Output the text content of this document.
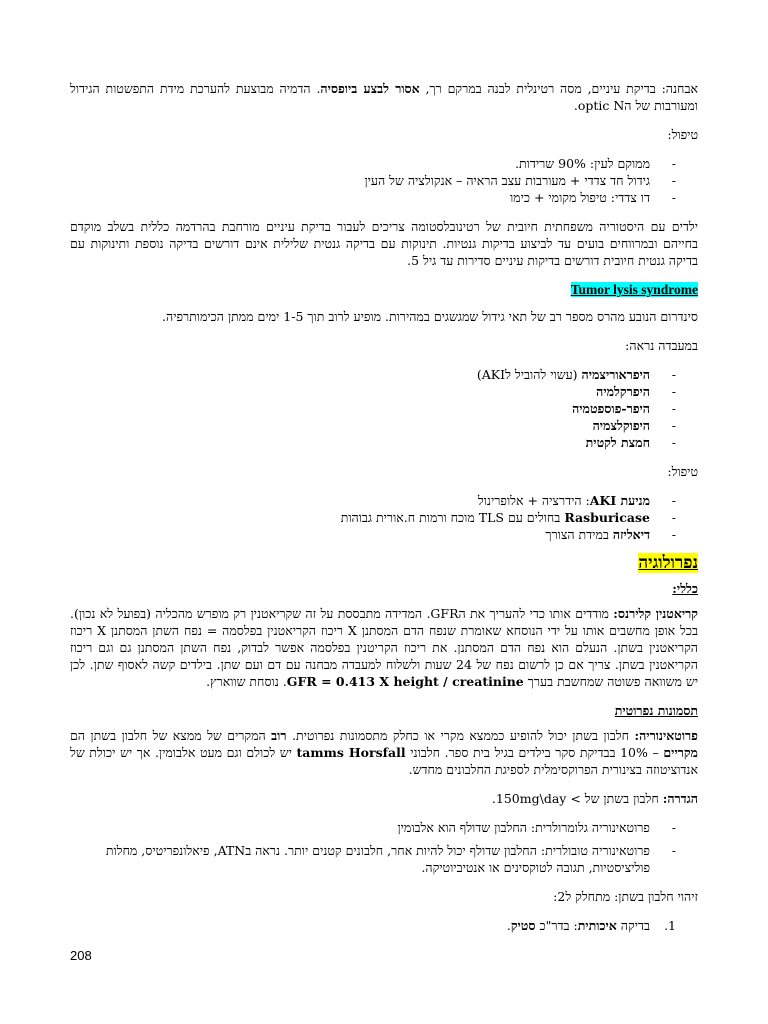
אבחנה: בדיקת עיניים, מסה רטינלית לבנה במרקם רך, אסור לבצע ביופסיה. הדמיה מבוצעת להערכת מידת התפשטות הגידול ומעורבות של הoptic N.

טיפול:

- ממוקם לעין: 90% שרידות.
- גידול חד צדדי + מעורבות עצב הראיה – אנקולציה של העין
- דו צדדי: טיפול מקומי + כימו

ילדים עם היסטוריה משפחתית חיובית של רטינובלסטומה צריכים לעבור בדיקת עיניים מורחבת בהרדמה כללית בשלב מוקדם בחייהם ובמרווחים בועים עד לביצוע בדיקות גנטיות. תינוקות עם בדיקה גנטית שלילית אינם דורשים בדיקה נוספת ותינוקות עם בדיקה גנטית חיובית דורשים בדיקות עיניים סדירות עד גיל 5.

Tumor lysis syndrome

סינדרום הנובע מהרס מספר רב של תאי גידול שמגשגים במהירות. מופיע לרוב תוך 1-5 ימים ממתן הכימותרפיה.

במעבדה נראה:

- היפראוריצמיה (עשוי להוביל לAKI)
- היפרקלמיה
- היפר-פוספטמיה
- היפוקלצמיה
- חמצת לקטית

טיפול:

- מניעת AKI: הידרציה + אלופרינול
- Rasburicase בחולים עם TLS מוכח ורמות ח.אורית גבוהות
- דיאליזה במידת הצורך

נפרולוגיה

כללי:

קריאטנין קלירנס: מודדים אותו כדי להעריך את הGFR. המדידה מתבססת על זה שקריאטנין רק מופרש מהכליה (בפועל לא נכון). בכל אופן מחשבים אותו על ידי הנוסחא שאומרת שנפח הדם המסתנן X ריכוז הקריאטנין בפלסמה = נפח השתן המסתנן X ריכוז הקריאטנין בשתן. הנעלם הוא נפח הדם המסתנן. את ריכוז הקריטנין בפלסמה אפשר לבדוק, נפח השתן המסתנן גם וגם ריכוז הקריאטנין בשתן. צריך אם כן לרשום נפח של 24 שעות ולשלוח למעבדה מבחנה עם דם ועם שתן. בילדים קשה לאסוף שתן. לכן יש משוואה פשוטה שמחשבת בערך GFR = 0.413 X height / creatinine. נוסחת שווארץ.

תסמונות נפרוטית

פרוטאינוריה: חלבון בשתן יכול להופיע כממצא מקרי או כחלק מתסמונות נפרוטית. רוב המקרים של ממצא של חלבון בשתן הם מקריים – 10% בבדיקת סקר בילדים בגיל בית ספר. חלבוני tamms Horsfall יש לכולם וגם מעט אלבומין. אך יש יכולת של אנדוציטוזה בצינורית הפרוקסימלית לספיגת החלבונים מחדש.

הגדרה: חלבון בשתן של > 150mg\day.

- פרוטאינוריה גלומרולרית: החלבון שדולף הוא אלבומין
- פרוטאינוריה טובולרית: החלבון שדולף יכול להיות אחר, חלבונים קטנים יותר. נראה בATN, פיאלונפריטיס, מחלות פוליציסטיות, תגובה לטוקסינים או אנטיביוטיקה.

זיהוי חלבון בשתן: מתחלק ל2:

1.
בדיקה איכותית: בדר"כ סטיק.
208
